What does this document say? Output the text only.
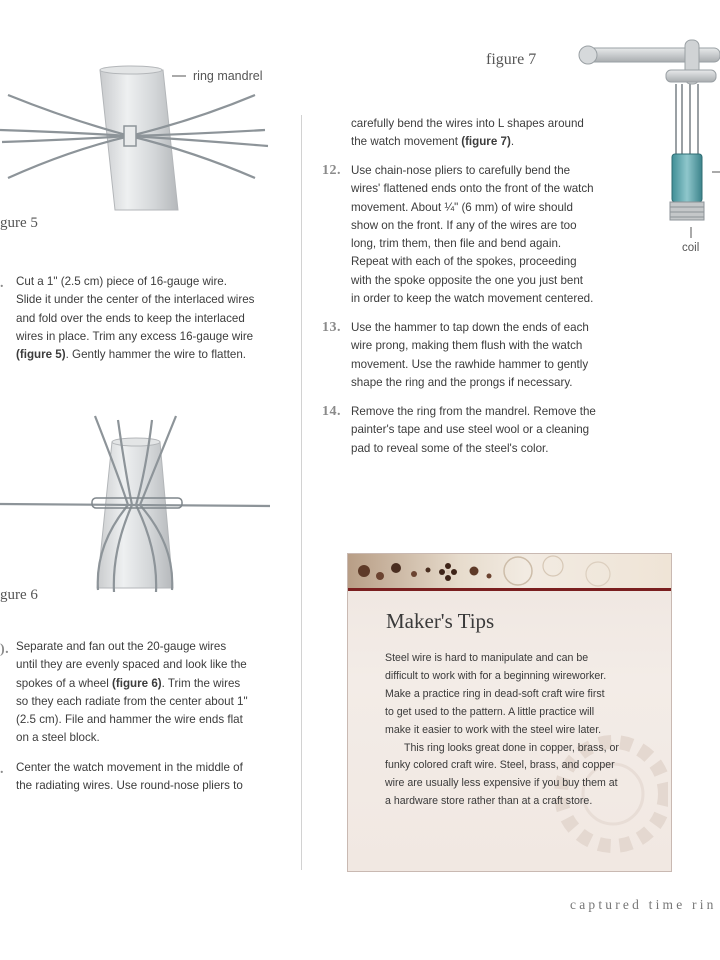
ring mandrel
gure 5
. Cut a 1" (2.5 cm) piece of 16-gauge wire.
Slide it under the center of the interlaced wires
and fold over the ends to keep the interlaced
wires in place. Trim any excess 16-gauge wire
(figure 5). Gently hammer the wire to flatten.
gure 6
). Separate and fan out the 20-gauge wires
until they are evenly spaced and look like the
spokes of a wheel (figure 6). Trim the wires
so they each radiate from the center about 1"
(2.5 cm). File and hammer the wire ends flat
on a steel block.
. Center the watch movement in the middle of
the radiating wires. Use round-nose pliers to
figure 7
coil
carefully bend the wires into L shapes around
the watch movement (figure 7).
12. Use chain-nose pliers to carefully bend the
wires' flattened ends onto the front of the watch
movement. About ¼" (6 mm) of wire should
show on the front. If any of the wires are too
long, trim them, then file and bend again.
Repeat with each of the spokes, proceeding
with the spoke opposite the one you just bent
in order to keep the watch movement centered.
13. Use the hammer to tap down the ends of each
wire prong, making them flush with the watch
movement. Use the rawhide hammer to gently
shape the ring and the prongs if necessary.
14. Remove the ring from the mandrel. Remove the
painter's tape and use steel wool or a cleaning
pad to reveal some of the steel's color.
Maker's Tips
Steel wire is hard to manipulate and can be
difficult to work with for a beginning wireworker.
Make a practice ring in dead-soft craft wire first
to get used to the pattern. A little practice will
make it easier to work with the steel wire later.
This ring looks great done in copper, brass, or
funky colored craft wire. Steel, brass, and copper
wire are usually less expensive if you buy them at
a hardware store rather than at a craft store.
captured time rin
